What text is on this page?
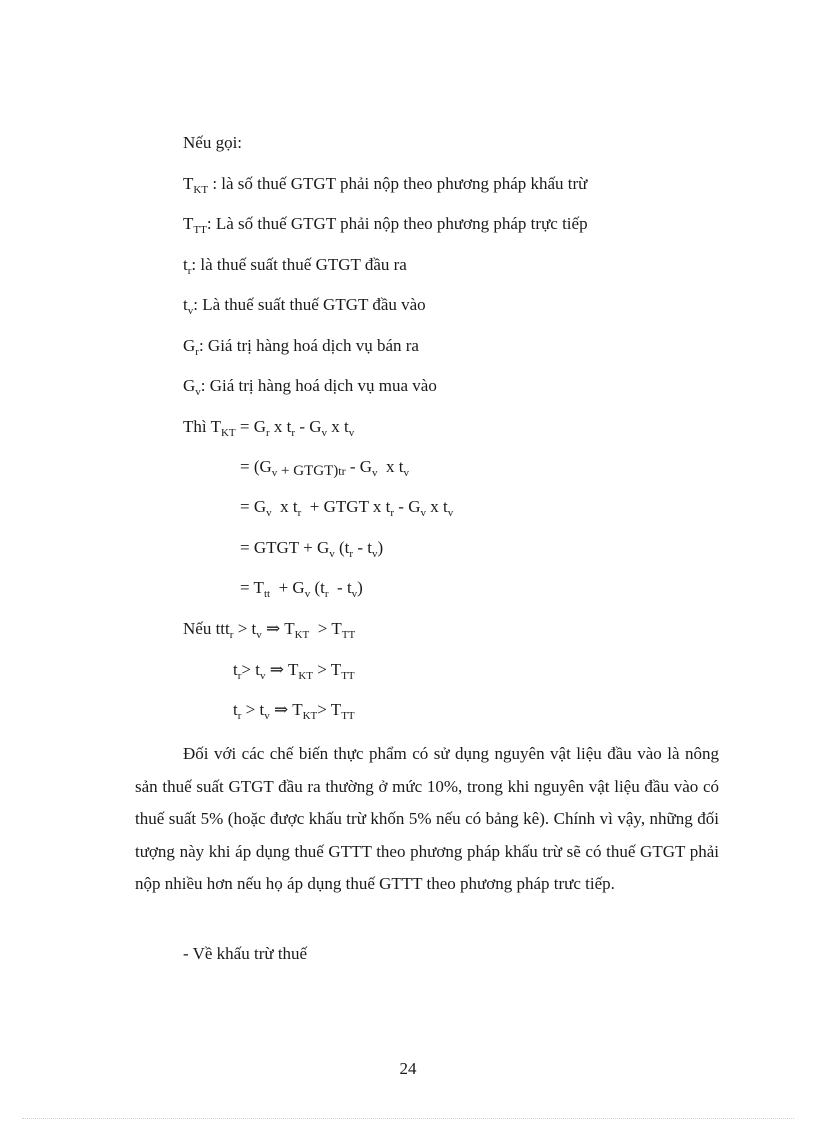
Nếu gọi:
$T_{KT}$ : là số thuế GTGT phải nộp theo phương pháp khấu trừ
$T_{TT}$: Là số thuế GTGT phải nộp theo phương pháp trực tiếp
$t_r$: là thuế suất thuế GTGT đầu ra
$t_v$: Là thuế suất thuế GTGT đầu vào
$G_r$: Giá trị hàng hoá dịch vụ bán ra
$G_v$: Giá trị hàng hoá dịch vụ mua vào
Thì $T_{KT} = G_r$ x $t_r - G_v$ x $t_v$
= ($G_v$ + GTGT)tr - $G_v$ x $t_v$
= $G_v$ x $t_r$ + GTGT x $t_r - G_v$ x $t_v$
= GTGT + $G_v$ $(t_r - t_v)$
= $T_{tt} + G_v$ $(t_r - t_v)$
Nếu $ttt_r > t_v$ ⇒ $T_{KT} > T_{TT}$
$t_r> t_v$ ⇒ $T_{KT} > T_{TT}$
$t_r > t_v$ ⇒ $T_{KT}> T_{TT}$
Đối với các chế biến thực phẩm có sử dụng nguyên vật liệu đầu vào là nông sản thuế suất GTGT đầu ra thường ở mức 10%, trong khi nguyên vật liệu đầu vào có thuế suất 5% (hoặc được khấu trừ khốn 5% nếu có bảng kê). Chính vì vậy, những đối tượng này khi áp dụng thuế GTTT theo phương pháp khấu trừ sẽ có thuế GTGT phải nộp nhiều hơn nếu họ áp dụng thuế GTTT theo phương pháp trưc tiếp.
- Về khấu trừ thuế
24
